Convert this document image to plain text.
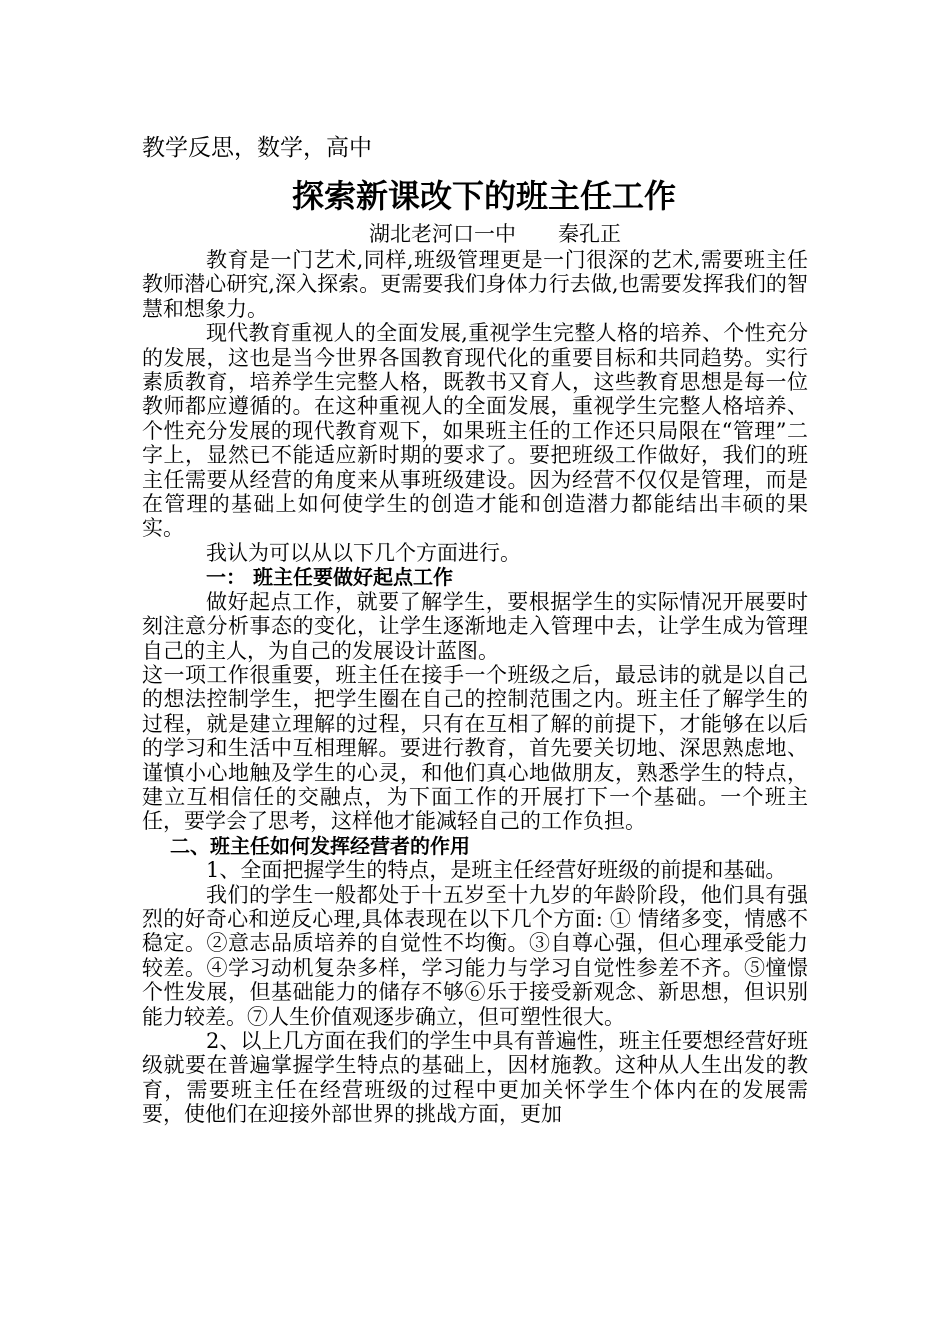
教学反思，数学，高中
探索新课改下的班主任工作
湖北老河口一中　　秦孔正

教育是一门艺术,同样,班级管理更是一门很深的艺术,需要班主任教师潜心研究,深入探索。更需要我们身体力行去做,也需要发挥我们的智慧和想象力。

现代教育重视人的全面发展,重视学生完整人格的培养、个性充分的发展，这也是当今世界各国教育现代化的重要目标和共同趋势。实行素质教育，培养学生完整人格，既教书又育人，这些教育思想是每一位教师都应遵循的。在这种重视人的全面发展，重视学生完整人格培养、个性充分发展的现代教育观下，如果班主任的工作还只局限在“管理”二字上，显然已不能适应新时期的要求了。要把班级工作做好，我们的班主任需要从经营的角度来从事班级建设。因为经营不仅仅是管理，而是在管理的基础上如何使学生的创造才能和创造潜力都能结出丰硕的果实。

我认为可以从以下几个方面进行。

一： 班主任要做好起点工作

做好起点工作，就要了解学生，要根据学生的实际情况开展要时刻注意分析事态的变化，让学生逐渐地走入管理中去，让学生成为管理自己的主人，为自己的发展设计蓝图。

这一项工作很重要，班主任在接手一个班级之后，最忌讳的就是以自己的想法控制学生，把学生圈在自己的控制范围之内。班主任了解学生的过程，就是建立理解的过程，只有在互相了解的前提下，才能够在以后的学习和生活中互相理解。要进行教育，首先要关切地、深思熟虑地、谨慎小心地触及学生的心灵，和他们真心地做朋友，熟悉学生的特点，建立互相信任的交融点，为下面工作的开展打下一个基础。一个班主任，要学会了思考，这样他才能减轻自己的工作负担。

二、班主任如何发挥经营者的作用

1、全面把握学生的特点，是班主任经营好班级的前提和基础。

我们的学生一般都处于十五岁至十九岁的年龄阶段，他们具有强烈的好奇心和逆反心理,具体表现在以下几个方面: ① 情绪多变，情感不稳定。②意志品质培养的自觉性不均衡。③自尊心强，但心理承受能力较差。④学习动机复杂多样，学习能力与学习自觉性参差不齐。⑤憧憬个性发展，但基础能力的储存不够⑥乐于接受新观念、新思想，但识别能力较差。⑦人生价值观逐步确立，但可塑性很大。

2、以上几方面在我们的学生中具有普遍性，班主任要想经营好班级就要在普遍掌握学生特点的基础上，因材施教。这种从人生出发的教育，需要班主任在经营班级的过程中更加关怀学生个体内在的发展需要，使他们在迎接外部世界的挑战方面，更加
